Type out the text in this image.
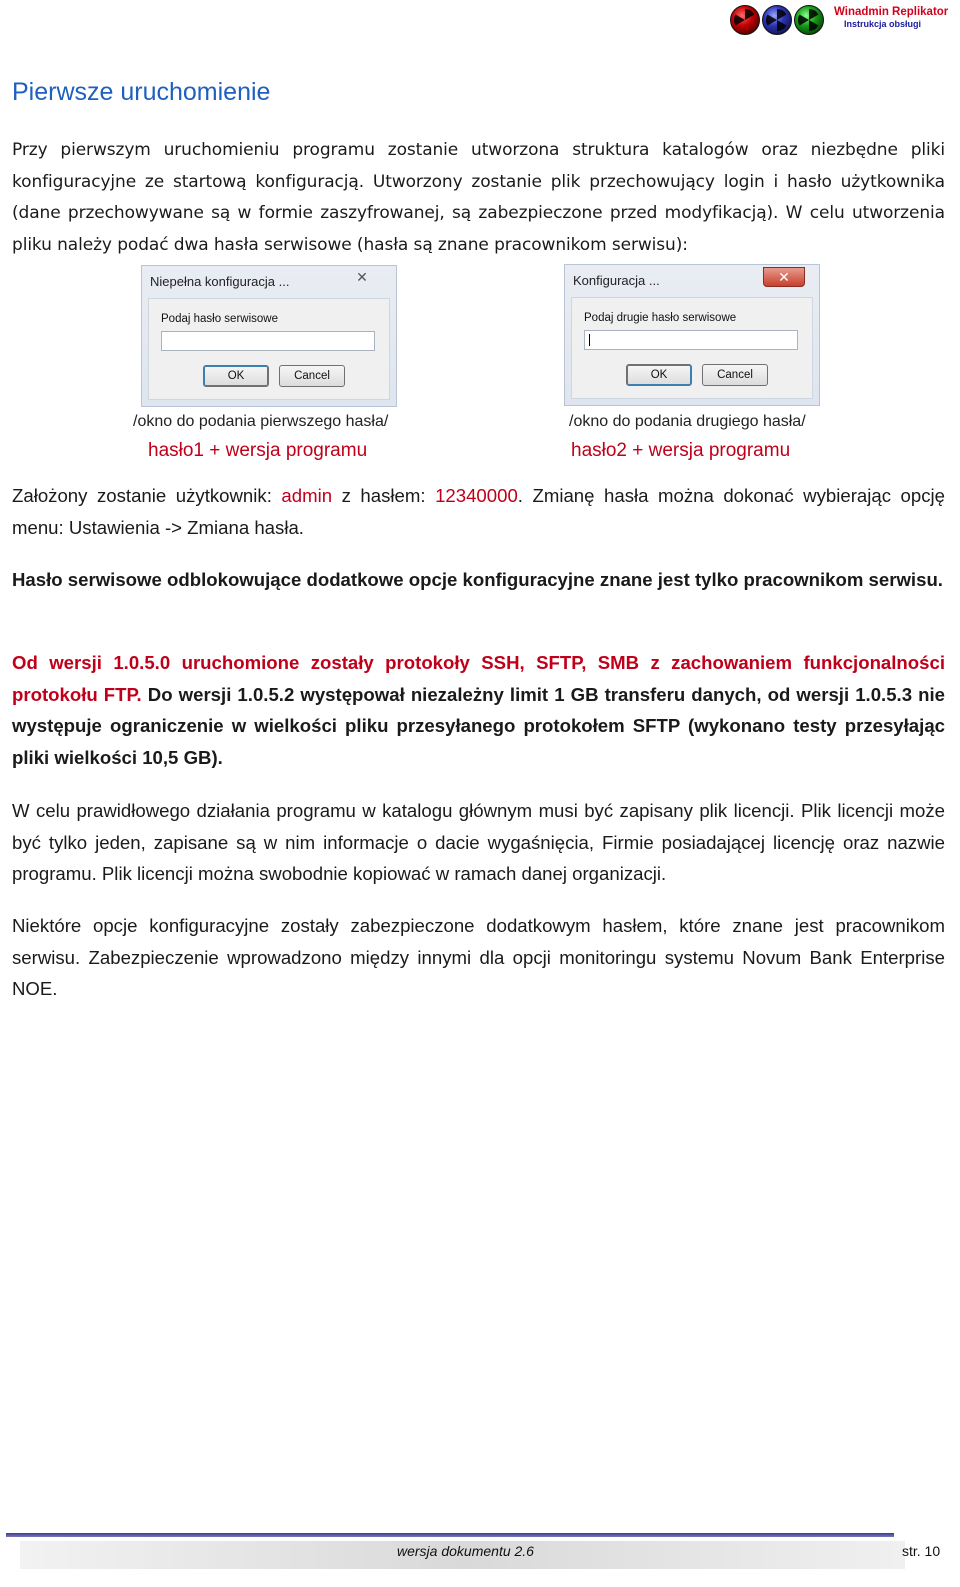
Winadmin Replikator
Instrukcja obsługi
Pierwsze uruchomienie

Przy pierwszym uruchomieniu programu zostanie utworzona struktura katalogów oraz niezbędne pliki konfiguracyjne ze startową konfiguracją. Utworzony zostanie plik przechowujący login i hasło użytkownika (dane przechowywane są w formie zaszyfrowanej, są zabezpieczone przed modyfikacją). W celu utworzenia pliku należy podać dwa hasła serwisowe (hasła są znane pracownikom serwisu):

Niepełna konfiguracja ...	✕
Podaj hasło serwisowe
OK	Cancel
Konfiguracja ...	✕
Podaj drugie hasło serwisowe
OK	Cancel
/okno do podania pierwszego hasła/
hasło1 + wersja programu
/okno do podania drugiego hasła/
hasło2 + wersja programu

Założony zostanie użytkownik: admin z hasłem: 12340000. Zmianę hasła można dokonać wybierając opcję menu: Ustawienia -> Zmiana hasła.

Hasło serwisowe odblokowujące dodatkowe opcje konfiguracyjne znane jest tylko pracownikom serwisu.

Od wersji 1.0.5.0 uruchomione zostały protokoły SSH, SFTP, SMB z zachowaniem funkcjonalności protokołu FTP. Do wersji 1.0.5.2 występował niezależny limit 1 GB transferu danych, od wersji 1.0.5.3 nie występuje ograniczenie w wielkości pliku przesyłanego protokołem SFTP (wykonano testy przesyłając pliki wielkości 10,5 GB).

W celu prawidłowego działania programu w katalogu głównym musi być zapisany plik licencji. Plik licencji może być tylko jeden, zapisane są w nim informacje o dacie wygaśnięcia, Firmie posiadającej licencję oraz nazwie programu. Plik licencji można swobodnie kopiować w ramach danej organizacji.

Niektóre opcje konfiguracyjne zostały zabezpieczone dodatkowym hasłem, które znane jest pracownikom serwisu. Zabezpieczenie wprowadzono między innymi dla opcji monitoringu systemu Novum Bank Enterprise NOE.

wersja dokumentu 2.6	str. 10
